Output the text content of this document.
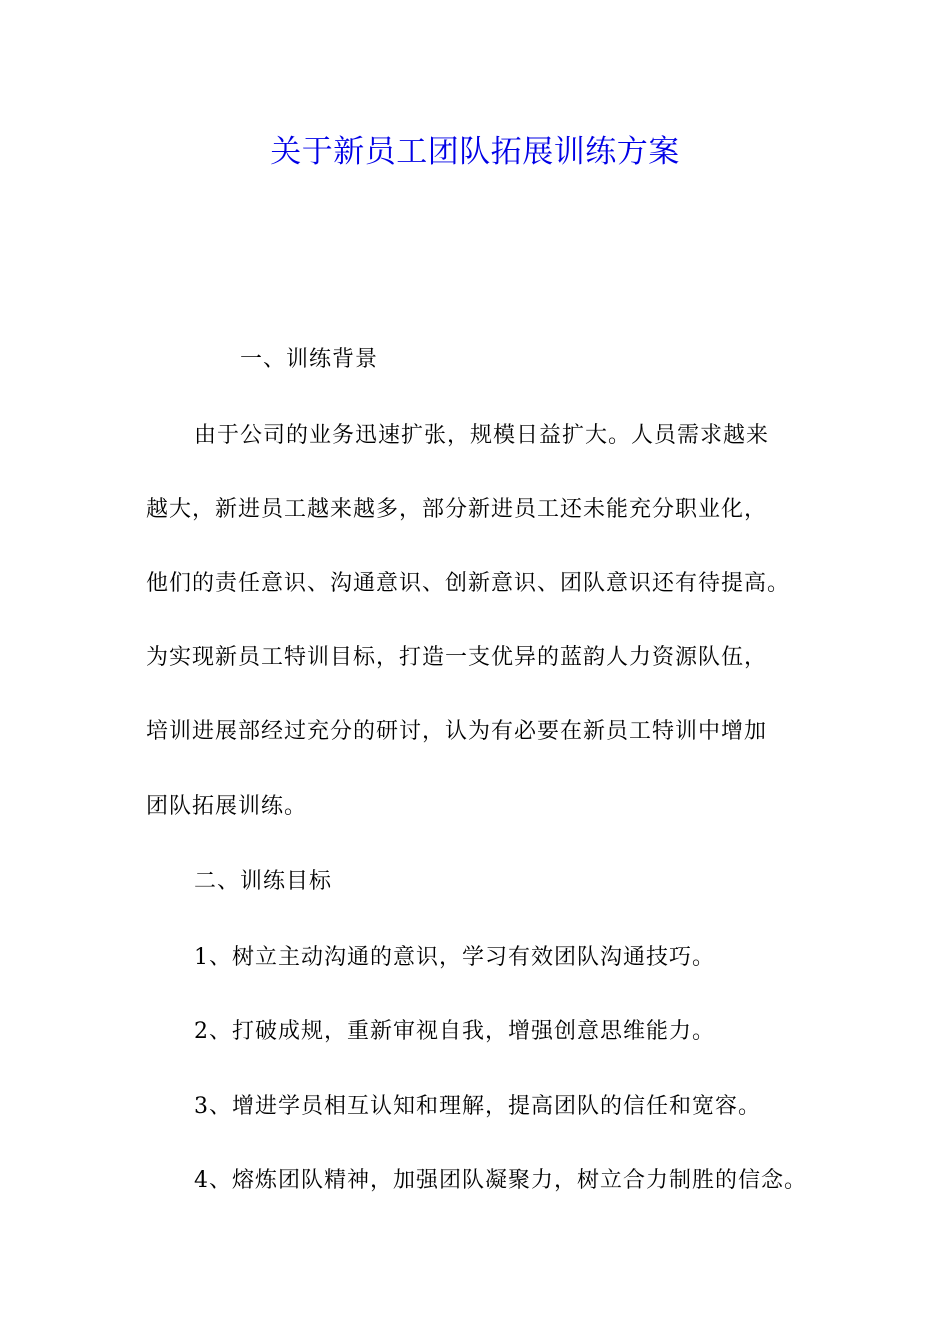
关于新员工团队拓展训练方案
一、训练背景
由于公司的业务迅速扩张，规模日益扩大。人员需求越来
越大，新进员工越来越多，部分新进员工还未能充分职业化，
他们的责任意识、沟通意识、创新意识、团队意识还有待提高。
为实现新员工特训目标，打造一支优异的蓝韵人力资源队伍，
培训进展部经过充分的研讨，认为有必要在新员工特训中增加
团队拓展训练。
二、训练目标
1、树立主动沟通的意识，学习有效团队沟通技巧。
2、打破成规，重新审视自我，增强创意思维能力。
3、增进学员相互认知和理解，提高团队的信任和宽容。
4、熔炼团队精神，加强团队凝聚力，树立合力制胜的信念。
